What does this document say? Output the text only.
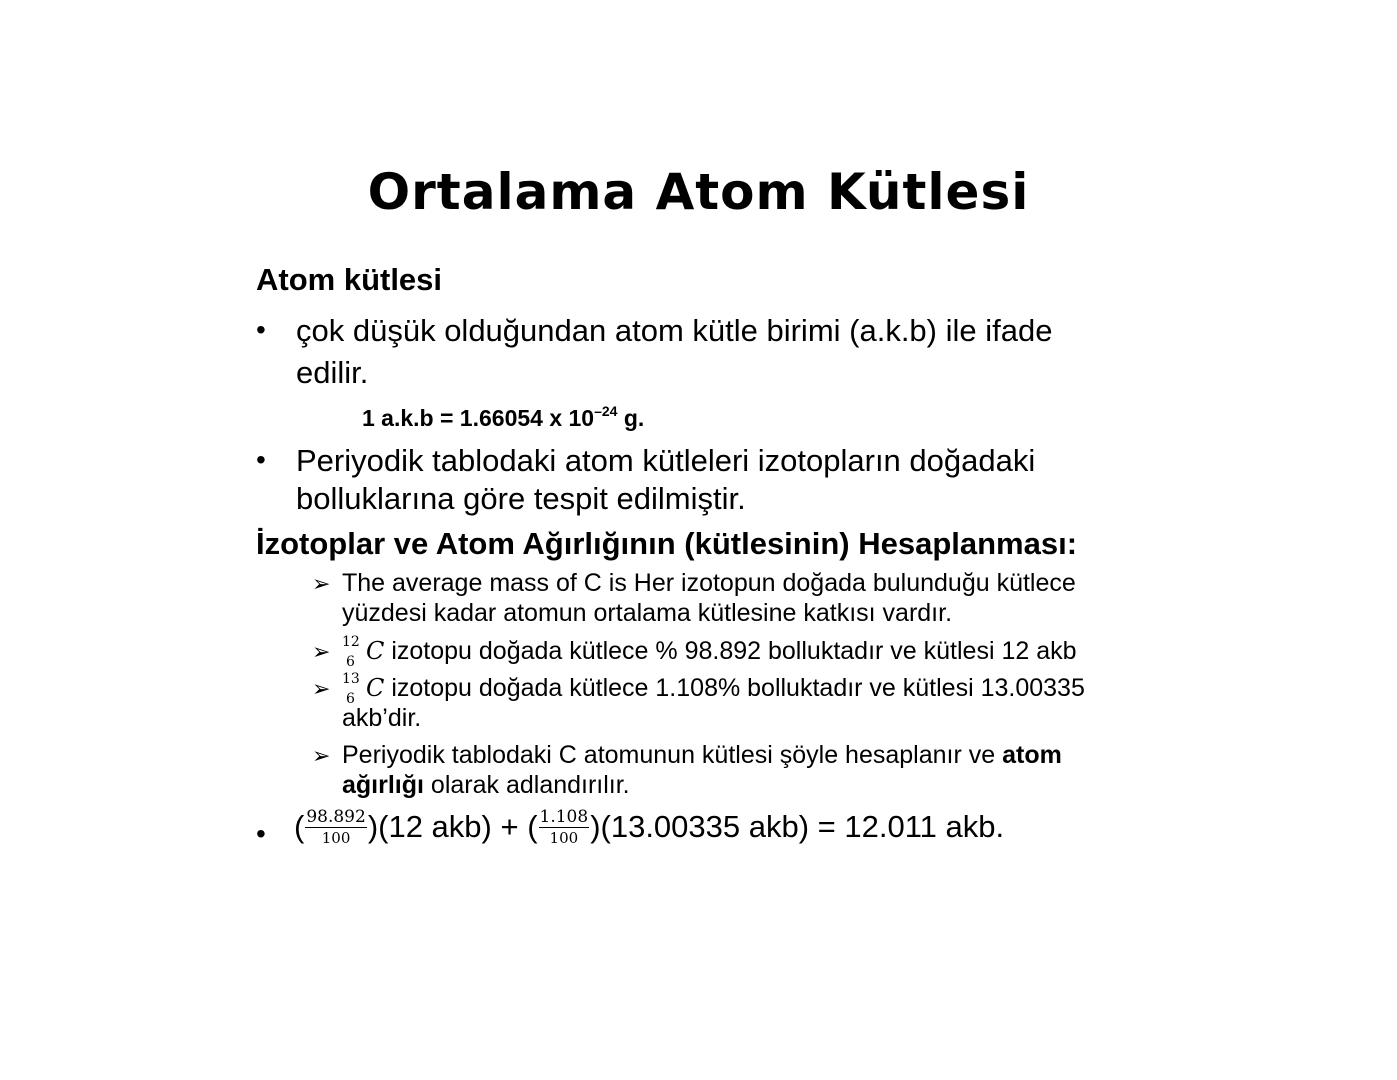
Ortalama Atom Kütlesi
Atom kütlesi
• çok düşük olduğundan atom kütle birimi (a.k.b) ile ifade
edilir.
1 a.k.b = 1.66054 x $10^{-24}$ g.
• Periyodik tablodaki atom kütleleri izotopların doğadaki
bolluklarına göre tespit edilmiştir.
İzotoplar ve Atom Ağırlığının (kütlesinin) Hesaplanması:
➢ The average mass of C is Her izotopun doğada bulunduğu kütlece
yüzdesi kadar atomun ortalama kütlesine katkısı vardır.
➢ 12
6 C izotopu doğada kütlece % 98.892 bolluktadır ve kütlesi 12 akb
➢ 13
6 C izotopu doğada kütlece 1.108% bolluktadır ve kütlesi 13.00335
akb’dir.
➢ Periyodik tablodaki C atomunun kütlesi şöyle hesaplanır ve atom
ağırlığı olarak adlandırılır.
• ( $\frac{98.892}{100} )(12$ akb) + ( $\frac{1.108}{100} )(13.00335$ akb) = 12.011 akb.
